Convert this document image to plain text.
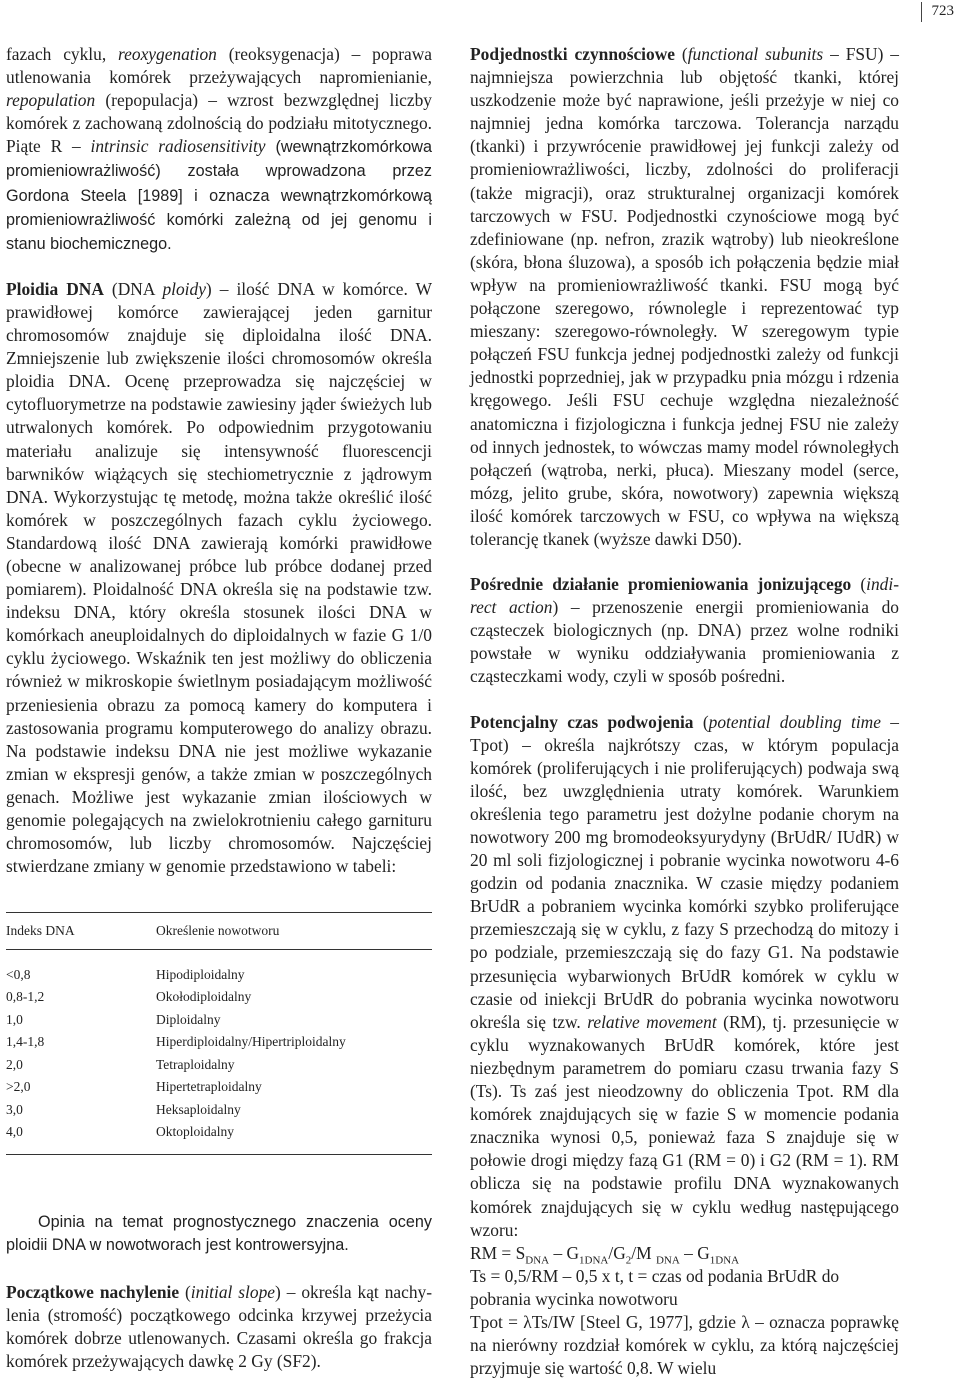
723

fazach cyklu, reoxygenation (reoksygenacja) – poprawa utlenowania komórek przeżywających napromienianie, repopulation (repopulacja) – wzrost bezwzględnej liczby komórek z zachowaną zdolnością do podziału mitotycznego. Piąte R – intrinsic radiosensitivity (wewnątrzkomórkowa promieniowrażliwość) została wprowadzona przez Gordona Steela [1989] i oznacza wewnątrzkomórkową promieniowrażliwość komórki zależną od jej genomu i stanu biochemicznego.

Ploidia DNA (DNA ploidy) – ilość DNA w komórce. W prawidłowej komórce zawierającej jeden garnitur chromosomów znajduje się diploidalna ilość DNA. Zmniejszenie lub zwiększenie ilości chromosomów określa ploidia DNA. Ocenę przeprowadza się najczęściej w cytofluorymetrze na podstawie zawiesiny jąder świeżych lub utrwalonych komórek. Po odpowiednim przygotowaniu materiału analizuje się intensywność fluorescencji barwników wiążących się stechiometrycznie z jądrowym DNA. Wykorzystując tę metodę, można także określić ilość komórek w poszczególnych fazach cyklu życiowego. Standardową ilość DNA zawierają komórki prawidłowe (obecne w analizowanej próbce lub próbce dodanej przed pomiarem). Ploidalność DNA określa się na podstawie tzw. indeksu DNA, który określa stosunek ilości DNA w komórkach aneuploidalnych do diploidalnych w fazie G 1/0 cyklu życiowego. Wskaźnik ten jest możliwy do obliczenia również w mikroskopie świetlnym posiadającym możliwość przeniesienia obrazu za pomocą kamery do komputera i zastosowania programu komputerowego do analizy obrazu. Na podstawie indeksu DNA nie jest możliwe wykazanie zmian w ekspresji genów, a także zmian w poszczególnych genach. Możliwe jest wykazanie zmian ilościowych w genomie polegających na zwielokrotnieniu całego garnituru chromosomów, lub liczby chromosomów. Najczęściej stwierdzane zmiany w genomie przedstawiono w tabeli:

Indeks DNA	Określenie nowotworu
<0,8	Hipodiploidalny
0,8-1,2	Okołodiploidalny
1,0	Diploidalny
1,4-1,8	Hiperdiploidalny/Hipertriploidalny
2,0	Tetraploidalny
>2,0	Hipertetraploidalny
3,0	Heksaploidalny
4,0	Oktoploidalny

Opinia na temat prognostycznego znaczenia oceny ploidii DNA w nowotworach jest kontrowersyjna.

Początkowe nachylenie (initial slope) – określa kąt nachylenia (stromość) początkowego odcinka krzywej przeżycia komórek dobrze utlenowanych. Czasami określa go frakcja komórek przeżywających dawkę 2 Gy (SF2).

Podjednostki czynnościowe (functional subunits – FSU) – najmniejsza powierzchnia lub objętość tkanki, której uszkodzenie może być naprawione, jeśli przeżyje w niej co najmniej jedna komórka tarczowa. Tolerancja narządu (tkanki) i przywrócenie prawidłowej jej funkcji zależy od promieniowrażliwości, liczby, zdolności do proliferacji (także migracji), oraz strukturalnej organizacji komórek tarczowych w FSU. Podjednostki czynościowe mogą być zdefiniowane (np. nefron, zrazik wątroby) lub nieokreślone (skóra, błona śluzowa), a sposób ich połączenia będzie miał wpływ na promieniowrażliwość tkanki. FSU mogą być połączone szeregowo, równolegle i reprezentować typ mieszany: szeregowo-równoległy. W szeregowym typie połączeń FSU funkcja jednej podjednostki zależy od funkcji jednostki poprzedniej, jak w przypadku pnia mózgu i rdzenia kręgowego. Jeśli FSU cechuje względna niezależność anatomiczna i fizjologiczna i funkcja jednej FSU nie zależy od innych jednostek, to wówczas mamy model równoległych połączeń (wątroba, nerki, płuca). Mieszany model (serce, mózg, jelito grube, skóra, nowotwory) zapewnia większą ilość komórek tarczowych w FSU, co wpływa na większą tolerancję tkanek (wyższe dawki D50).

Pośrednie działanie promieniowania jonizującego (indirect action) – przenoszenie energii promieniowania do cząsteczek biologicznych (np. DNA) przez wolne rodniki powstałe w wyniku oddziaływania promieniowania z cząsteczkami wody, czyli w sposób pośredni.

Potencjalny czas podwojenia (potential doubling time – Tpot) – określa najkrótszy czas, w którym populacja komórek (proliferujących i nie proliferujących) podwaja swą ilość, bez uwzględnienia utraty komórek. Warunkiem określenia tego parametru jest dożylne podanie chorym na nowotwory 200 mg bromodeoksyurydyny (BrUdR/ IUdR) w 20 ml soli fizjologicznej i pobranie wycinka nowotworu 4-6 godzin od podania znacznika. W czasie między podaniem BrUdR a pobraniem wycinka komórki szybko proliferujące przemieszczają się w cyklu, z fazy S przechodzą do mitozy i po podziale, przemieszczają się do fazy G1. Na podstawie przesunięcia wybarwionych BrUdR komórek w cyklu w czasie od iniekcji BrUdR do pobrania wycinka nowotworu określa się tzw. relative movement (RM), tj. przesunięcie w cyklu wyznakowanych BrUdR komórek, które jest niezbędnym parametrem do pomiaru czasu trwania fazy S (Ts). Ts zaś jest nieodzowny do obliczenia Tpot. RM dla komórek znajdujących się w fazie S w momencie podania znacznika wynosi 0,5, ponieważ faza S znajduje się w połowie drogi między fazą G1 (RM = 0) i G2 (RM = 1). RM oblicza się na podstawie profilu DNA wyznakowanych komórek znajdujących się w cyklu według następującego wzoru:

RM = $S_{DNA} - G_{1DNA}/G_2/M$ $_{DNA} - G_{1DNA}$

Ts = 0,5/RM – 0,5 x t, t = czas od podania BrUdR do pobrania wycinka nowotworu

Tpot = λTs/IW [Steel G, 1977], gdzie λ – oznacza poprawkę na nierówny rozdział komórek w cyklu, za którą najczęściej przyjmuje się wartość 0,8. W wielu
